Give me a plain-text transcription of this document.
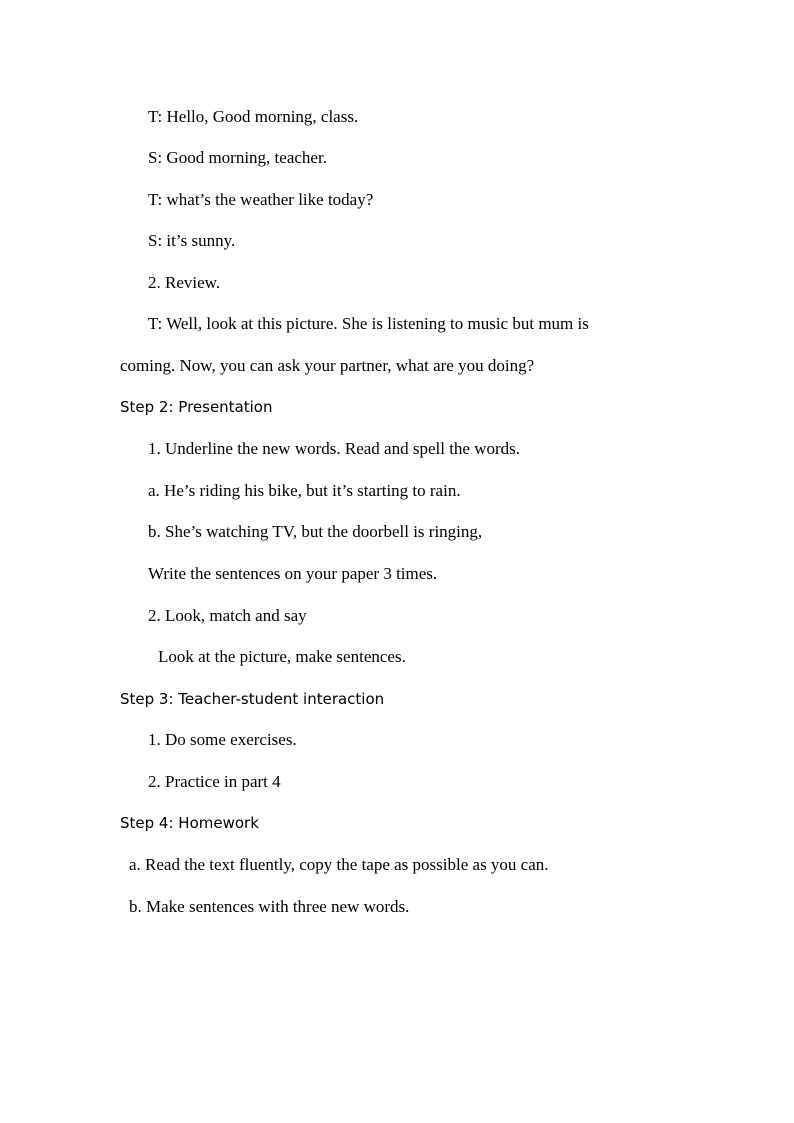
T: Hello, Good morning, class.
S: Good morning, teacher.
T: what’s the weather like today?
S: it’s sunny.
2. Review.
T: Well, look at this picture. She is listening to music but mum is
coming. Now, you can ask your partner, what are you doing?
Step 2: Presentation
1. Underline the new words. Read and spell the words.
a. He’s riding his bike, but it’s starting to rain.
b. She’s watching TV, but the doorbell is ringing,
Write the sentences on your paper 3 times.
2. Look, match and say
Look at the picture, make sentences.
Step 3: Teacher-student interaction
1. Do some exercises.
2. Practice in part 4
Step 4: Homework
a. Read the text fluently, copy the tape as possible as you can.
b. Make sentences with three new words.
